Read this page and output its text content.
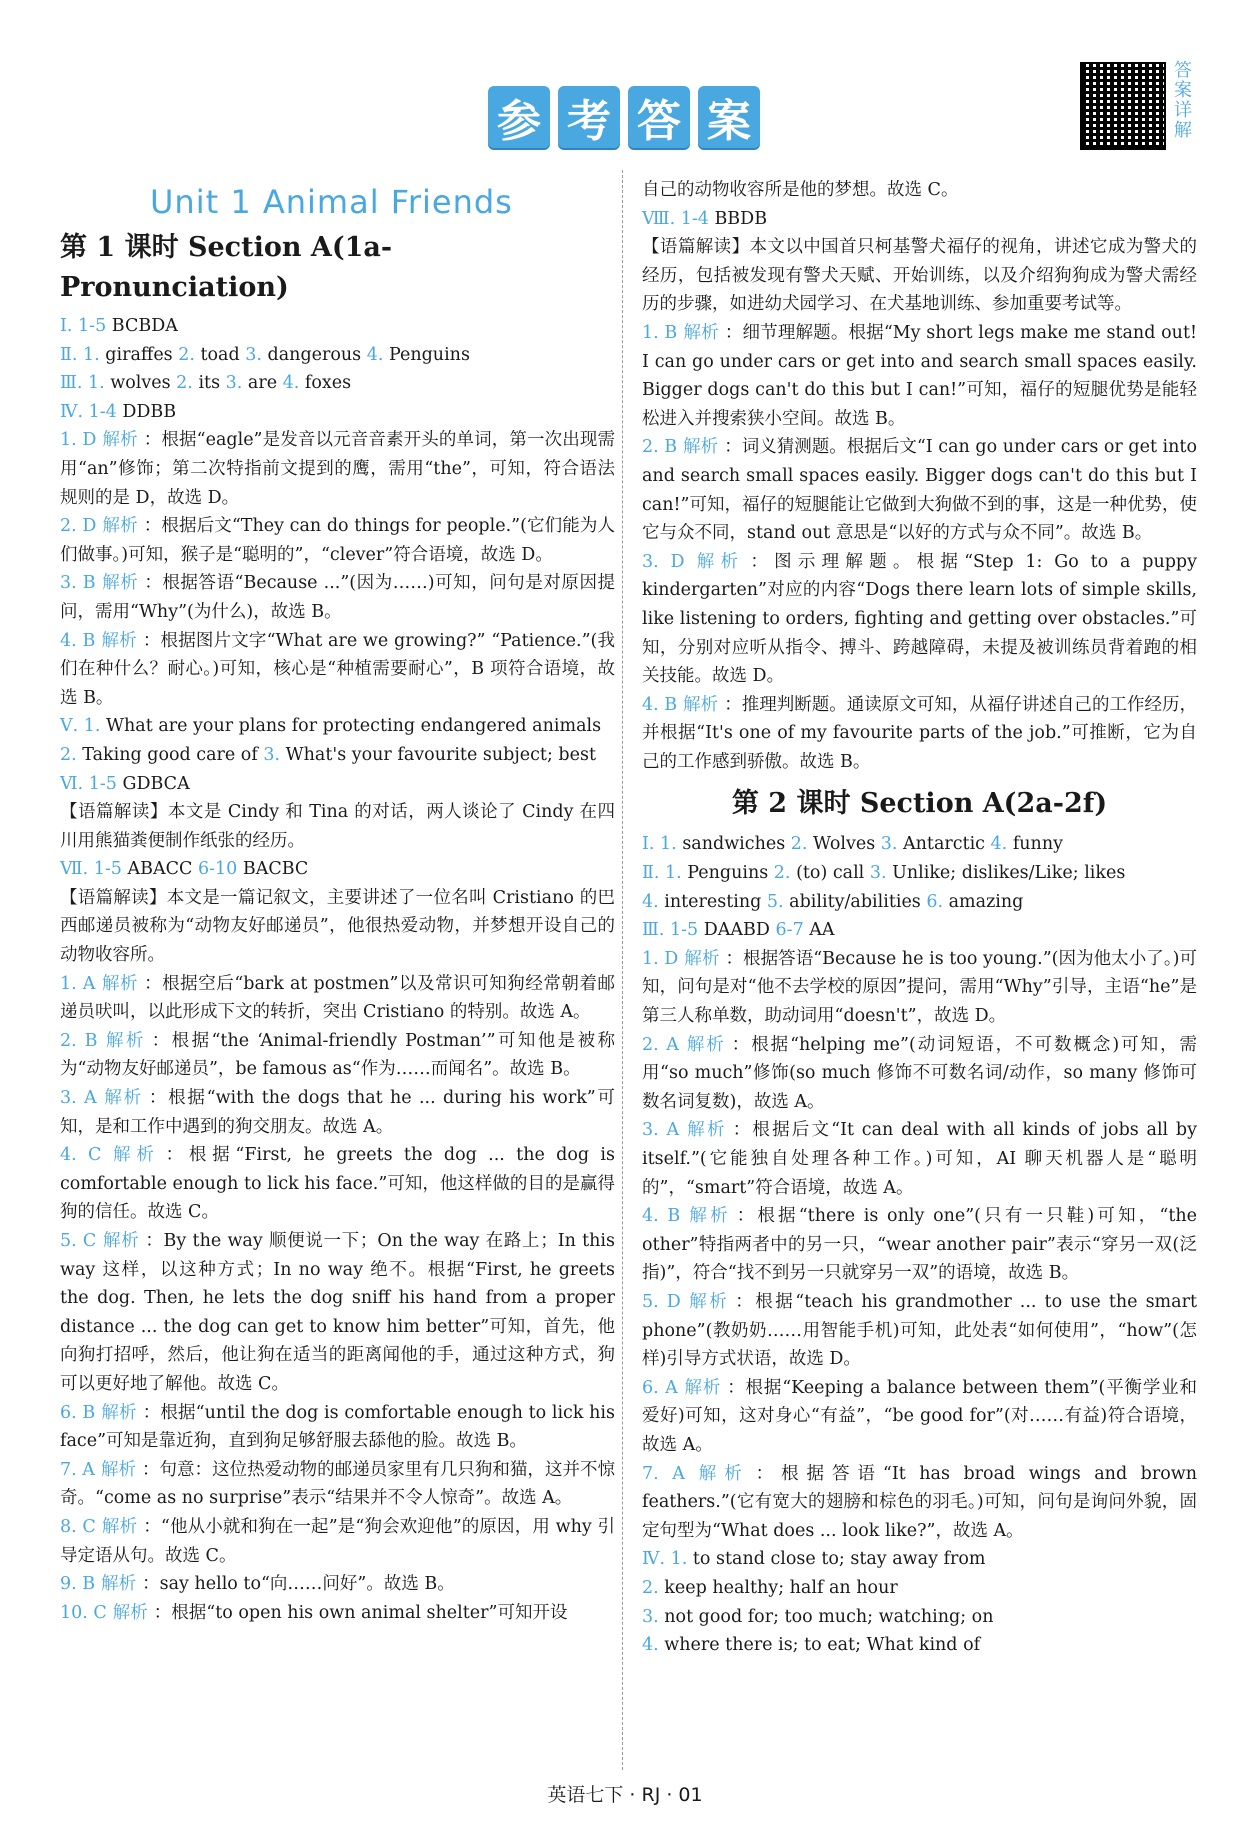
参 考 答 案	答案详解
Unit 1 Animal Friends
第 1 课时 Section A(1a-Pronunciation)

Ⅰ. 1-5 BCBDA

Ⅱ. 1. giraffes 2. toad 3. dangerous 4. Penguins

Ⅲ. 1. wolves 2. its 3. are 4. foxes

Ⅳ. 1-4 DDBB

1. D 解析 ：根据“eagle”是发音以元音音素开头的单词，第一次出现需用“an”修饰；第二次特指前文提到的鹰，需用“the”，可知，符合语法规则的是 D，故选 D。

2. D 解析 ：根据后文“They can do things for people.”(它们能为人们做事。)可知，猴子是“聪明的”，“clever”符合语境，故选 D。

3. B 解析 ：根据答语“Because ...”(因为……)可知，问句是对原因提问，需用“Why”(为什么)，故选 B。

4. B 解析 ：根据图片文字“What are we growing?” “Patience.”(我们在种什么？耐心。)可知，核心是“种植需要耐心”，B 项符合语境，故选 B。

Ⅴ. 1. What are your plans for protecting endangered animals

2. Taking good care of 3. What's your favourite subject; best

Ⅵ. 1-5 GDBCA

【语篇解读】本文是 Cindy 和 Tina 的对话，两人谈论了 Cindy 在四川用熊猫粪便制作纸张的经历。

Ⅶ. 1-5 ABACC 6-10 BACBC

【语篇解读】本文是一篇记叙文，主要讲述了一位名叫 Cristiano 的巴西邮递员被称为“动物友好邮递员”，他很热爱动物，并梦想开设自己的动物收容所。

1. A 解析 ：根据空后“bark at postmen”以及常识可知狗经常朝着邮递员吠叫，以此形成下文的转折，突出 Cristiano 的特别。故选 A。

2. B 解析 ：根据“the ‘Animal-friendly Postman’”可知他是被称为“动物友好邮递员”，be famous as“作为……而闻名”。故选 B。

3. A 解析 ：根据“with the dogs that he ... during his work”可知，是和工作中遇到的狗交朋友。故选 A。

4. C 解析 ：根据“First, he greets the dog ... the dog is comfortable enough to lick his face.”可知，他这样做的目的是赢得狗的信任。故选 C。

5. C 解析 ：By the way 顺便说一下；On the way 在路上；In this way 这样，以这种方式；In no way 绝不。根据“First, he greets the dog. Then, he lets the dog sniff his hand from a proper distance ... the dog can get to know him better”可知，首先，他向狗打招呼，然后，他让狗在适当的距离闻他的手，通过这种方式，狗可以更好地了解他。故选 C。

6. B 解析 ：根据“until the dog is comfortable enough to lick his face”可知是靠近狗，直到狗足够舒服去舔他的脸。故选 B。

7. A 解析 ：句意：这位热爱动物的邮递员家里有几只狗和猫，这并不惊奇。“come as no surprise”表示“结果并不令人惊奇”。故选 A。

8. C 解析 ：“他从小就和狗在一起”是“狗会欢迎他”的原因，用 why 引导定语从句。故选 C。

9. B 解析 ：say hello to“向……问好”。故选 B。

10. C 解析 ：根据“to open his own animal shelter”可知开设

自己的动物收容所是他的梦想。故选 C。

Ⅷ. 1-4 BBDB

【语篇解读】本文以中国首只柯基警犬福仔的视角，讲述它成为警犬的经历，包括被发现有警犬天赋、开始训练，以及介绍狗狗成为警犬需经历的步骤，如进幼犬园学习、在犬基地训练、参加重要考试等。

1. B 解析 ：细节理解题。根据“My short legs make me stand out! I can go under cars or get into and search small spaces easily. Bigger dogs can't do this but I can!”可知，福仔的短腿优势是能轻松进入并搜索狭小空间。故选 B。

2. B 解析 ：词义猜测题。根据后文“I can go under cars or get into and search small spaces easily. Bigger dogs can't do this but I can!”可知，福仔的短腿能让它做到大狗做不到的事，这是一种优势，使它与众不同，stand out 意思是“以好的方式与众不同”。故选 B。

3. D 解析 ：图示理解题。根据“Step 1: Go to a puppy kindergarten”对应的内容“Dogs there learn lots of simple skills, like listening to orders, fighting and getting over obstacles.”可知，分别对应听从指令、搏斗、跨越障碍，未提及被训练员背着跑的相关技能。故选 D。

4. B 解析 ：推理判断题。通读原文可知，从福仔讲述自己的工作经历，并根据“It's one of my favourite parts of the job.”可推断，它为自己的工作感到骄傲。故选 B。

第 2 课时 Section A(2a-2f)

Ⅰ. 1. sandwiches 2. Wolves 3. Antarctic 4. funny

Ⅱ. 1. Penguins 2. (to) call 3. Unlike; dislikes/Like; likes

4. interesting 5. ability/abilities 6. amazing

Ⅲ. 1-5 DAABD 6-7 AA

1. D 解析 ：根据答语“Because he is too young.”(因为他太小了。)可知，问句是对“他不去学校的原因”提问，需用“Why”引导，主语“he”是第三人称单数，助动词用“doesn't”，故选 D。

2. A 解析 ：根据“helping me”(动词短语，不可数概念)可知，需用“so much”修饰(so much 修饰不可数名词/动作，so many 修饰可数名词复数)，故选 A。

3. A 解析 ：根据后文“It can deal with all kinds of jobs all by itself.”(它能独自处理各种工作。)可知，AI 聊天机器人是“聪明的”，“smart”符合语境，故选 A。

4. B 解析 ：根据“there is only one”(只有一只鞋)可知，“the other”特指两者中的另一只，“wear another pair”表示“穿另一双(泛指)”，符合“找不到另一只就穿另一双”的语境，故选 B。

5. D 解析 ：根据“teach his grandmother ... to use the smart phone”(教奶奶……用智能手机)可知，此处表“如何使用”，“how”(怎样)引导方式状语，故选 D。

6. A 解析 ：根据“Keeping a balance between them”(平衡学业和爱好)可知，这对身心“有益”，“be good for”(对……有益)符合语境，故选 A。

7. A 解析 ：根据答语“It has broad wings and brown feathers.”(它有宽大的翅膀和棕色的羽毛。)可知，问句是询问外貌，固定句型为“What does ... look like?”，故选 A。

Ⅳ. 1. to stand close to; stay away from

2. keep healthy; half an hour

3. not good for; too much; watching; on

4. where there is; to eat; What kind of

英语七下 · RJ · 01
